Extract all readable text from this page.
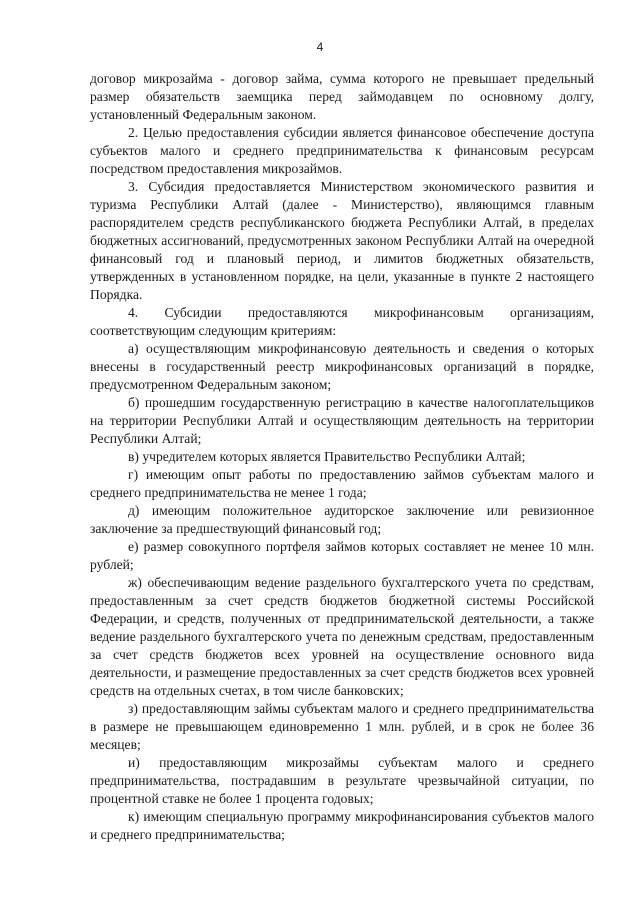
4

договор микрозайма - договор займа, сумма которого не превышает предельный размер обязательств заемщика перед займодавцем по основному долгу, установленный Федеральным законом.

2. Целью предоставления субсидии является финансовое обеспечение доступа субъектов малого и среднего предпринимательства к финансовым ресурсам посредством предоставления микрозаймов.

3. Субсидия предоставляется Министерством экономического развития и туризма Республики Алтай (далее - Министерство), являющимся главным распорядителем средств республиканского бюджета Республики Алтай, в пределах бюджетных ассигнований, предусмотренных законом Республики Алтай на очередной финансовый год и плановый период, и лимитов бюджетных обязательств, утвержденных в установленном порядке, на цели, указанные в пункте 2 настоящего Порядка.

4. Субсидии предоставляются микрофинансовым организациям, соответствующим следующим критериям:

а) осуществляющим микрофинансовую деятельность и сведения о которых внесены в государственный реестр микрофинансовых организаций в порядке, предусмотренном Федеральным законом;

б) прошедшим государственную регистрацию в качестве налогоплательщиков на территории Республики Алтай и осуществляющим деятельность на территории Республики Алтай;

в) учредителем которых является Правительство Республики Алтай;

г) имеющим опыт работы по предоставлению займов субъектам малого и среднего предпринимательства не менее 1 года;

д) имеющим положительное аудиторское заключение или ревизионное заключение за предшествующий финансовый год;

е) размер совокупного портфеля займов которых составляет не менее 10 млн. рублей;

ж) обеспечивающим ведение раздельного бухгалтерского учета по средствам, предоставленным за счет средств бюджетов бюджетной системы Российской Федерации, и средств, полученных от предпринимательской деятельности, а также ведение раздельного бухгалтерского учета по денежным средствам, предоставленным за счет средств бюджетов всех уровней на осуществление основного вида деятельности, и размещение предоставленных за счет средств бюджетов всех уровней средств на отдельных счетах, в том числе банковских;

з) предоставляющим займы субъектам малого и среднего предпринимательства в размере не превышающем единовременно 1 млн. рублей, и в срок не более 36 месяцев;

и) предоставляющим микрозаймы субъектам малого и среднего предпринимательства, пострадавшим в результате чрезвычайной ситуации, по процентной ставке не более 1 процента годовых;

к) имеющим специальную программу микрофинансирования субъектов малого и среднего предпринимательства;
